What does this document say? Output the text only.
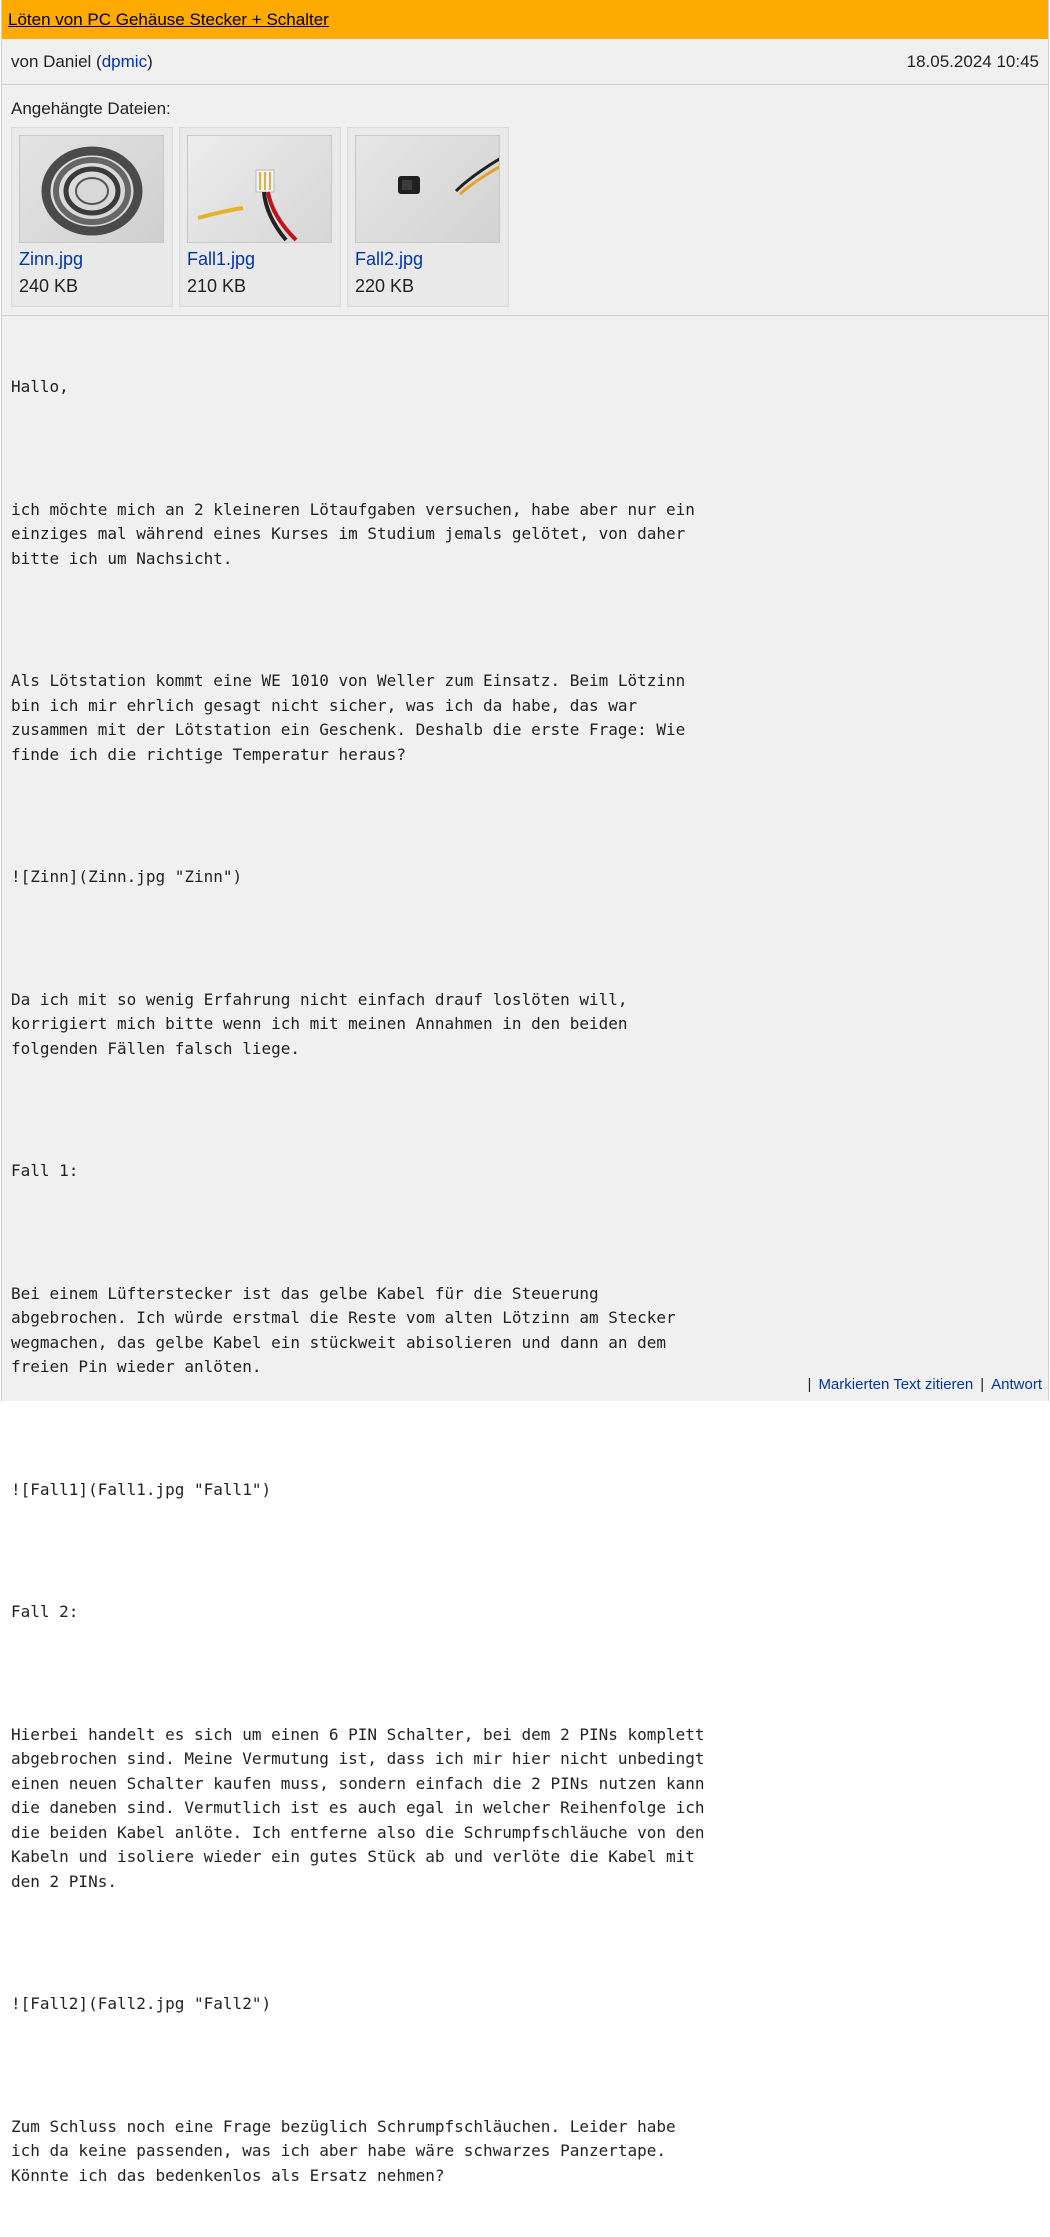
Löten von PC Gehäuse Stecker + Schalter
von Daniel (dpmic)	18.05.2024 10:45
Angehängte Dateien:
Zinn.jpg
240 KB
Fall1.jpg
210 KB
Fall2.jpg
220 KB

Hallo,

ich möchte mich an 2 kleineren Lötaufgaben versuchen, habe aber nur ein einziges mal während eines Kurses im Studium jemals gelötet, von daher bitte ich um Nachsicht.

Als Lötstation kommt eine WE 1010 von Weller zum Einsatz. Beim Lötzinn bin ich mir ehrlich gesagt nicht sicher, was ich da habe, das war zusammen mit der Lötstation ein Geschenk. Deshalb die erste Frage: Wie finde ich die richtige Temperatur heraus?

![Zinn](Zinn.jpg "Zinn")

Da ich mit so wenig Erfahrung nicht einfach drauf loslöten will, korrigiert mich bitte wenn ich mit meinen Annahmen in den beiden folgenden Fällen falsch liege.

Fall 1:

Bei einem Lüfterstecker ist das gelbe Kabel für die Steuerung abgebrochen. Ich würde erstmal die Reste vom alten Lötzinn am Stecker wegmachen, das gelbe Kabel ein stückweit abisolieren und dann an dem freien Pin wieder anlöten.

![Fall1](Fall1.jpg "Fall1")

Fall 2:

Hierbei handelt es sich um einen 6 PIN Schalter, bei dem 2 PINs komplett abgebrochen sind. Meine Vermutung ist, dass ich mir hier nicht unbedingt einen neuen Schalter kaufen muss, sondern einfach die 2 PINs nutzen kann die daneben sind. Vermutlich ist es auch egal in welcher Reihenfolge ich die beiden Kabel anlöte. Ich entferne also die Schrumpfschläuche von den Kabeln und isoliere wieder ein gutes Stück ab und verlöte die Kabel mit den 2 PINs.

![Fall2](Fall2.jpg "Fall2")

Zum Schluss noch eine Frage bezüglich Schrumpfschläuchen. Leider habe ich da keine passenden, was ich aber habe wäre schwarzes Panzertape. Könnte ich das bedenkenlos als Ersatz nehmen?

| Markierten Text zitieren | Antwort
